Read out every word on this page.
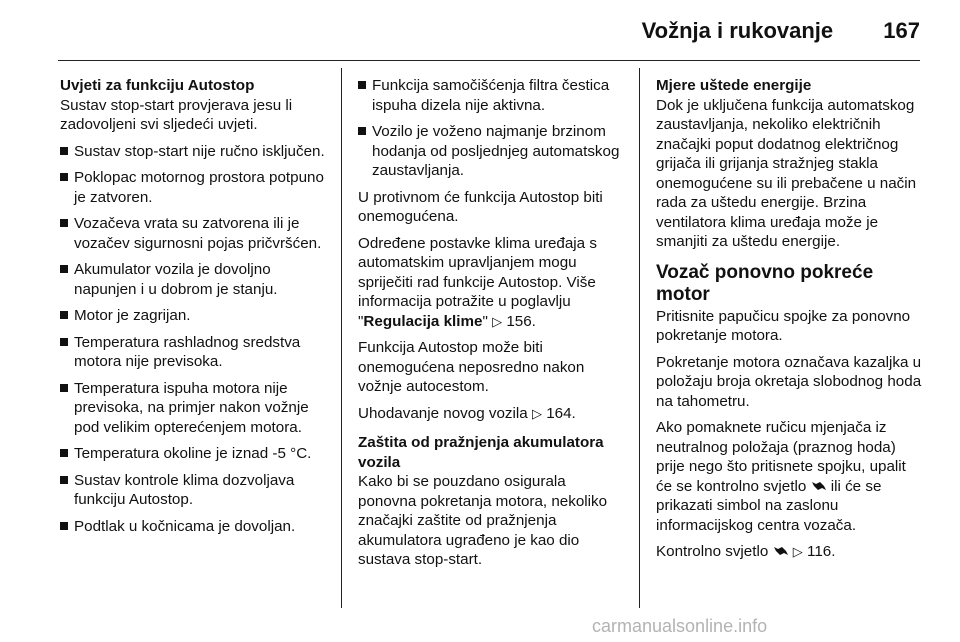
Vožnja i rukovanje 167

Uvjeti za funkciju Autostop

Sustav stop-start provjerava jesu li zadovoljeni svi sljedeći uvjeti.

Sustav stop-start nije ručno isključen.
Poklopac motornog prostora potpuno je zatvoren.
Vozačeva vrata su zatvorena ili je vozačev sigurnosni pojas pričvršćen.
Akumulator vozila je dovoljno napunjen i u dobrom je stanju.
Motor je zagrijan.
Temperatura rashladnog sredstva motora nije previsoka.
Temperatura ispuha motora nije previsoka, na primjer nakon vožnje pod velikim opterećenjem motora.
Temperatura okoline je iznad -5 °C.
Sustav kontrole klima dozvoljava funkciju Autostop.
Podtlak u kočnicama je dovoljan.
Funkcija samočišćenja filtra čestica ispuha dizela nije aktivna.
Vozilo je voženo najmanje brzinom hodanja od posljednjeg automatskog zaustavljanja.

U protivnom će funkcija Autostop biti onemogućena.

Određene postavke klima uređaja s automatskim upravljanjem mogu spriječiti rad funkcije Autostop. Više informacija potražite u poglavlju "Regulacija klime" ▷ 156.

Funkcija Autostop može biti onemogućena neposredno nakon vožnje autocestom.

Uhodavanje novog vozila ▷ 164.

Zaštita od pražnjenja akumulatora vozila

Kako bi se pouzdano osigurala ponovna pokretanja motora, nekoliko značajki zaštite od pražnjenja akumulatora ugrađeno je kao dio sustava stop-start.

Mjere uštede energije

Dok je uključena funkcija automatskog zaustavljanja, nekoliko električnih značajki poput dodatnog električnog grijača ili grijanja stražnjeg stakla onemogućene su ili prebačene u način rada za uštedu energije. Brzina ventilatora klima uređaja može je smanjiti za uštedu energije.

Vozač ponovno pokreće motor

Pritisnite papučicu spojke za ponovno pokretanje motora.

Pokretanje motora označava kazaljka u položaju broja okretaja slobodnog hoda na tahometru.

Ako pomaknete ručicu mjenjača iz neutralnog položaja (praznog hoda) prije nego što pritisnete spojku, upalit će se kontrolno svjetlo ili će se prikazati simbol na zaslonu informacijskog centra vozača.

Kontrolno svjetlo ▷ 116.

carmanualsonline.info
